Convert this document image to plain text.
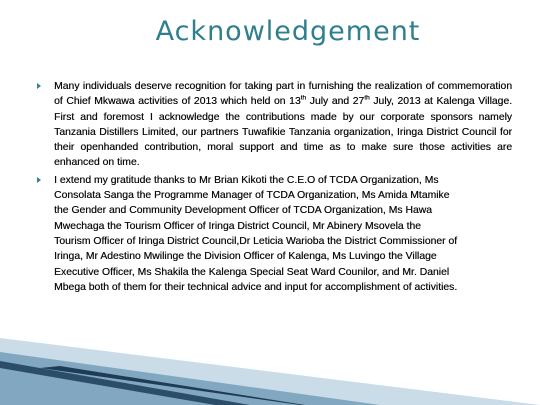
Acknowledgement

Many individuals deserve recognition for taking part in furnishing the realization of commemoration of Chief Mkwawa activities of 2013 which held on 13th July and 27th July, 2013 at Kalenga Village. First and foremost I acknowledge the contributions made by our corporate sponsors namely Tanzania Distillers Limited, our partners Tuwafikie Tanzania organization, Iringa District Council for their openhanded contribution, moral support and time as to make sure those activities are enhanced on time.

I extend my gratitude thanks to Mr Brian Kikoti the C.E.O of TCDA Organization, Ms
Consolata Sanga the Programme Manager of TCDA Organization, Ms Amida Mtamike
the Gender and Community Development Officer of TCDA Organization, Ms Hawa
Mwechaga the Tourism Officer of Iringa District Council, Mr Abinery Msovela the
Tourism Officer of Iringa District Council,Dr Leticia Warioba the District Commissioner of
Iringa, Mr Adestino Mwilinge the Division Officer of Kalenga, Ms Luvingo the Village
Executive Officer, Ms Shakila the Kalenga Special Seat Ward Counilor, and Mr. Daniel
Mbega both of them for their technical advice and input for accomplishment of activities.
